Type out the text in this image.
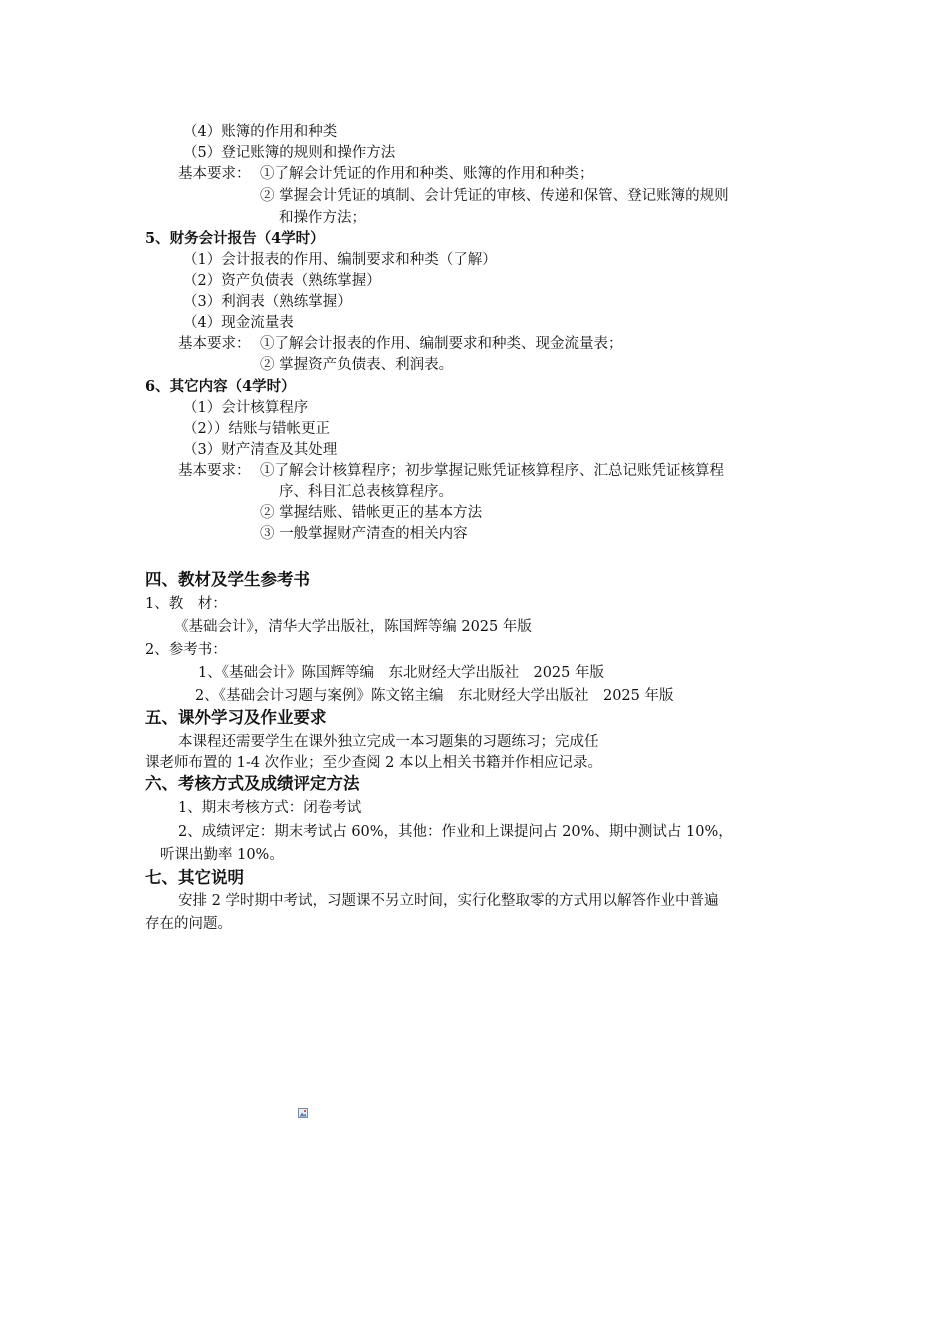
（4）账簿的作用和种类
（5）登记账簿的规则和操作方法
基本要求： ①了解会计凭证的作用和种类、账簿的作用和种类；
② 掌握会计凭证的填制、会计凭证的审核、传递和保管、登记账簿的规则
和操作方法；
5、财务会计报告（4学时）
（1）会计报表的作用、编制要求和种类（了解）
（2）资产负债表（熟练掌握）
（3）利润表（熟练掌握）
（4）现金流量表
基本要求： ①了解会计报表的作用、编制要求和种类、现金流量表；
② 掌握资产负债表、利润表。
6、其它内容（4学时）
（1）会计核算程序
（2））结账与错帐更正
（3）财产清查及其处理
基本要求： ①了解会计核算程序；初步掌握记账凭证核算程序、汇总记账凭证核算程
序、科目汇总表核算程序。
② 掌握结账、错帐更正的基本方法
③ 一般掌握财产清查的相关内容
四、教材及学生参考书
1、教　材：
《基础会计》，清华大学出版社，陈国辉等编 2025 年版
2、参考书：
1、《基础会计》陈国辉等编　东北财经大学出版社　2025 年版
2、《基础会计习题与案例》陈文铭主编　东北财经大学出版社　2025 年版
五、课外学习及作业要求
本课程还需要学生在课外独立完成一本习题集的习题练习；完成任
课老师布置的 1-4 次作业；至少查阅 2 本以上相关书籍并作相应记录。
六、考核方式及成绩评定方法
1、期末考核方式：闭卷考试
2、成绩评定：期末考试占 60%，其他：作业和上课提问占 20%、期中测试占 10%，
听课出勤率 10%。
七、其它说明
安排 2 学时期中考试，习题课不另立时间，实行化整取零的方式用以解答作业中普遍
存在的问题。
